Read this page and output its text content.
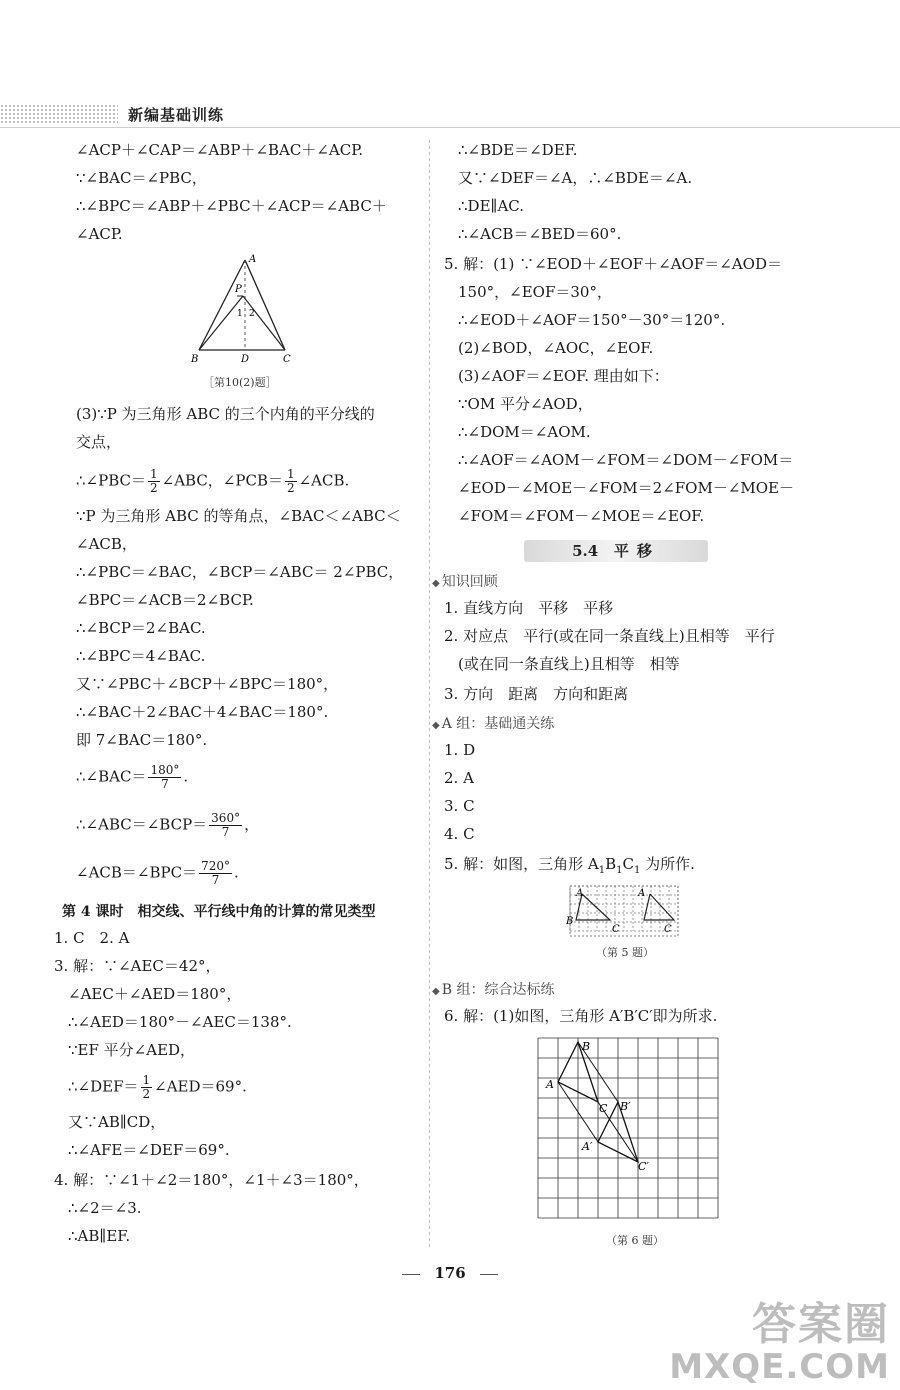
新编基础训练
∠ACP＋∠CAP＝∠ABP＋∠BAC＋∠ACP.
∵∠BAC＝∠PBC，
∴∠BPC＝∠ABP＋∠PBC＋∠ACP＝∠ABC＋
∠ACP.
A
P
1 2
B	D	C
［第10(2)题］
(3)∵P 为三角形 ABC 的三个内角的平分线的
交点，
∴∠PBC＝ $\frac{1}{2}$ ∠ABC，∠PCB＝ $\frac{1}{2}$ ∠ACB.
∵P 为三角形 ABC 的等角点，∠BAC＜∠ABC＜
∠ACB，
∴∠PBC＝∠BAC，∠BCP＝∠ABC＝ 2∠PBC，
∠BPC＝∠ACB＝2∠BCP.
∴∠BCP＝2∠BAC.
∴∠BPC＝4∠BAC.
又∵∠PBC＋∠BCP＋∠BPC＝180°，
∴∠BAC＋2∠BAC＋4∠BAC＝180°.
即 7∠BAC＝180°.
∴∠BAC＝ $\frac{180^\circ}{7}$ .
∴∠ABC＝∠BCP＝ $\frac{360^\circ}{7}$ ，
∠ACB＝∠BPC＝ $\frac{720^\circ}{7}$ .
第 4 课时　相交线、平行线中角的计算的常见类型
1. C　2. A
3. 解：∵∠AEC＝42°，
∠AEC＋∠AED＝180°，
∴∠AED＝180°－∠AEC＝138°.
∵EF 平分∠AED，
∴∠DEF＝ $\frac{1}{2}$ ∠AED＝69°.
又∵AB∥CD，
∴∠AFE＝∠DEF＝69°.
4. 解：∵∠1＋∠2＝180°，∠1＋∠3＝180°，
∴∠2＝∠3.
∴AB∥EF.
∴∠BDE＝∠DEF.
又∵∠DEF＝∠A，∴∠BDE＝∠A.
∴DE∥AC.
∴∠ACB＝∠BED＝60°.
5. 解：(1) ∵∠EOD＋∠EOF＋∠AOF＝∠AOD＝
150°，∠EOF＝30°，
∴∠EOD＋∠AOF＝150°－30°＝120°.
(2)∠BOD，∠AOC，∠EOF.
(3)∠AOF＝∠EOF. 理由如下：
∵OM 平分∠AOD，
∴∠DOM＝∠AOM.
∴∠AOF＝∠AOM－∠FOM＝∠DOM－∠FOM＝
∠EOD－∠MOE－∠FOM＝2∠FOM－∠MOE－
∠FOM＝∠FOM－∠MOE＝∠EOF.
5.4 平移
◆ 知识回顾
1. 直线方向　平移　平移
2. 对应点　平行(或在同一条直线上)且相等　平行
(或在同一条直线上)且相等　相等
3. 方向　距离　方向和距离
◆ A 组：基础通关练
1. D
2. A
3. C
4. C
5. 解：如图，三角形 $A_1B_1C_1$ 为所作.
A
B
C
A
C
（第 5 题）
◆ B 组：综合达标练
6. 解：(1)如图，三角形 A′B′C′即为所求.
A
B
C
A′
B′
C′
（第 6 题）
176
答案圈
MXQE.COM
